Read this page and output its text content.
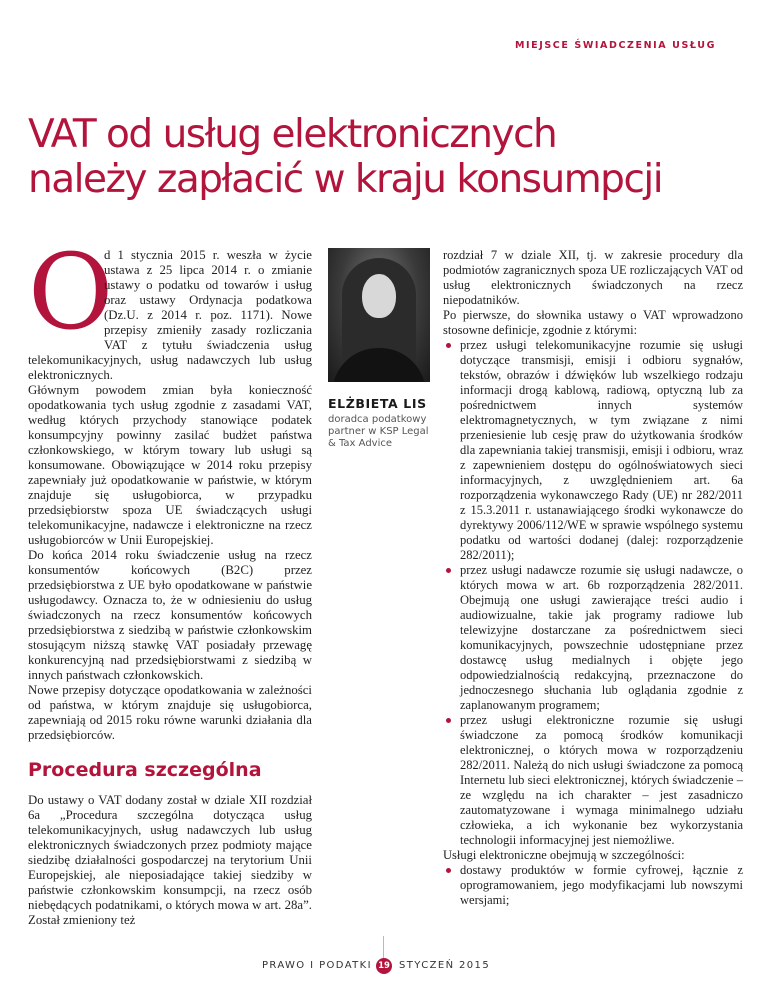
MIEJSCE ŚWIADCZENIA USŁUG
VAT od usług elektronicznych
należy zapłacić w kraju konsumpcji
O

d 1 stycznia 2015 r. weszła w życie ustawa z 25 lipca 2014 r. o zmianie ustawy o podatku od towarów i usług oraz ustawy Ordynacja podatkowa (Dz.U. z 2014 r. poz. 1171). Nowe przepisy zmieniły zasady rozliczania VAT z tytułu świadczenia usług telekomunikacyjnych, usług nadawczych lub usług elektronicznych.

Głównym powodem zmian była konieczność opodatkowania tych usług zgodnie z zasadami VAT, według których przychody stanowiące podatek konsumpcyjny powinny zasilać budżet państwa członkowskiego, w którym towary lub usługi są konsumowane. Obowiązujące w 2014 roku przepisy zapewniały już opodatkowanie w państwie, w którym znajduje się usługobiorca, w przypadku przedsiębiorstw spoza UE świadczących usługi telekomunikacyjne, nadawcze i elektroniczne na rzecz usługobiorców w Unii Europejskiej.

Do końca 2014 roku świadczenie usług na rzecz konsumentów końcowych (B2C) przez przedsiębiorstwa z UE było opodatkowane w państwie usługodawcy. Oznacza to, że w odniesieniu do usług świadczonych na rzecz konsumentów końcowych przedsiębiorstwa z siedzibą w państwie członkowskim stosującym niższą stawkę VAT posiadały przewagę konkurencyjną nad przedsiębiorstwami z siedzibą w innych państwach członkowskich.

Nowe przepisy dotyczące opodatkowania w zależności od państwa, w którym znajduje się usługobiorca, zapewniają od 2015 roku równe warunki działania dla przedsiębiorców.

Procedura szczególna

Do ustawy o VAT dodany został w dziale XII rozdział 6a „Procedura szczególna dotycząca usług telekomunikacyjnych, usług nadawczych lub usług elektronicznych świadczonych przez podmioty mające siedzibę działalności gospodarczej na terytorium Unii Europejskiej, ale nieposiadające takiej siedziby w państwie członkowskim konsumpcji, na rzecz osób niebędących podatnikami, o których mowa w art. 28a”. Został zmieniony też

ELŻBIETA LIS
doradca podatkowy
partner w KSP Legal
& Tax Advice

rozdział 7 w dziale XII, tj. w zakresie procedury dla podmiotów zagranicznych spoza UE rozliczających VAT od usług elektronicznych świadczonych na rzecz niepodatników.

Po pierwsze, do słownika ustawy o VAT wprowadzono stosowne definicje, zgodnie z którymi:

przez usługi telekomunikacyjne rozumie się usługi dotyczące transmisji, emisji i odbioru sygnałów, tekstów, obrazów i dźwięków lub wszelkiego rodzaju informacji drogą kablową, radiową, optyczną lub za pośrednictwem innych systemów elektromagnetycznych, w tym związane z nimi przeniesienie lub cesję praw do użytkowania środków dla zapewniania takiej transmisji, emisji i odbioru, wraz z zapewnieniem dostępu do ogólnoświatowych sieci informacyjnych, z uwzględnieniem art. 6a rozporządzenia wykonawczego Rady (UE) nr 282/2011 z 15.3.2011 r. ustanawiającego środki wykonawcze do dyrektywy 2006/112/WE w sprawie wspólnego systemu podatku od wartości dodanej (dalej: rozporządzenie 282/2011);
przez usługi nadawcze rozumie się usługi nadawcze, o których mowa w art. 6b rozporządzenia 282/2011. Obejmują one usługi zawierające treści audio i audiowizualne, takie jak programy radiowe lub telewizyjne dostarczane za pośrednictwem sieci komunikacyjnych, powszechnie udostępniane przez dostawcę usług medialnych i objęte jego odpowiedzialnością redakcyjną, przeznaczone do jednoczesnego słuchania lub oglądania zgodnie z zaplanowanym programem;
przez usługi elektroniczne rozumie się usługi świadczone za pomocą środków komunikacji elektronicznej, o których mowa w rozporządzeniu 282/2011. Należą do nich usługi świadczone za pomocą Internetu lub sieci elektronicznej, których świadczenie – ze względu na ich charakter – jest zasadniczo zautomatyzowane i wymaga minimalnego udziału człowieka, a ich wykonanie bez wykorzystania technologii informacyjnej jest niemożliwe.

Usługi elektroniczne obejmują w szczególności:

dostawy produktów w formie cyfrowej, łącznie z oprogramowaniem, jego modyfikacjami lub nowszymi wersjami;
PRAWO I PODATKI 19 STYCZEŃ 2015
